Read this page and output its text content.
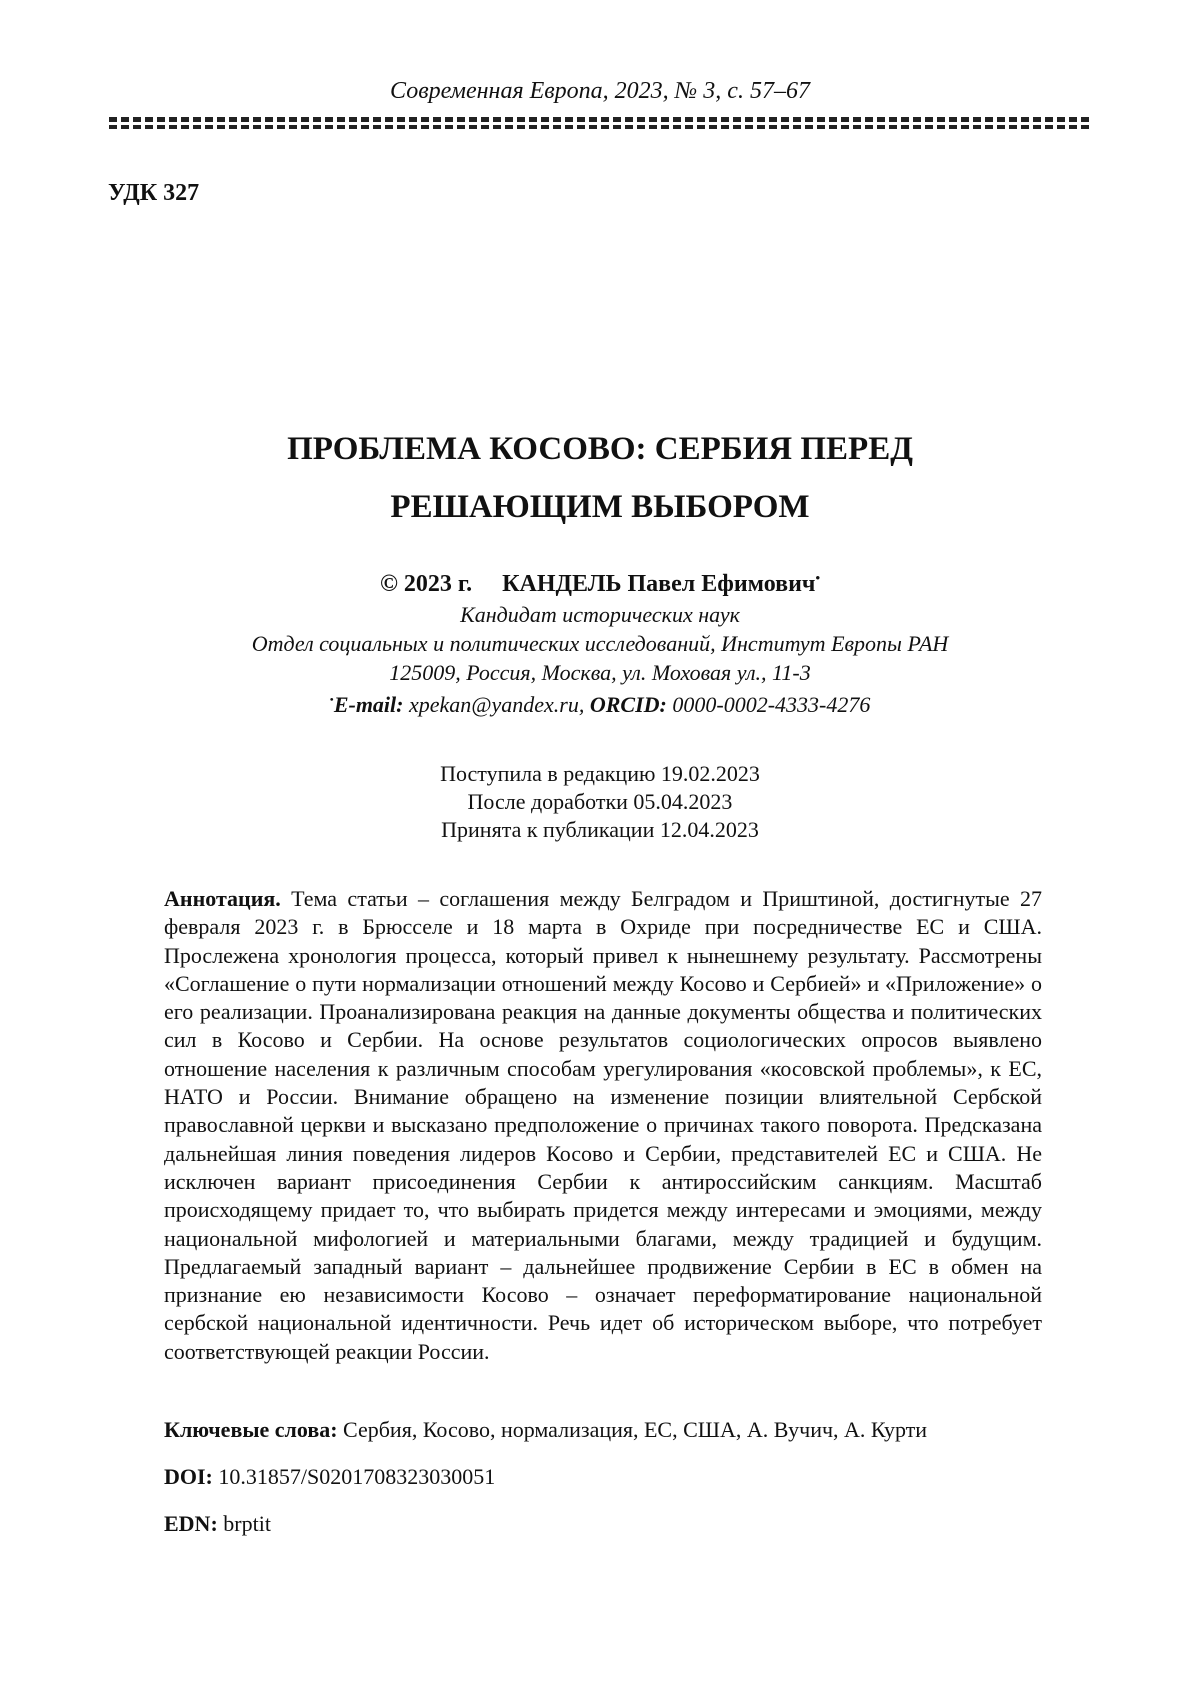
Современная Европа, 2023, № 3, с. 57–67
УДК 327
ПРОБЛЕМА КОСОВО: СЕРБИЯ ПЕРЕД
РЕШАЮЩИМ ВЫБОРОМ
© 2023 г. КАНДЕЛЬ Павел Ефимович•
Кандидат исторических наук
Отдел социальных и политических исследований, Институт Европы РАН
125009, Россия, Москва, ул. Моховая ул., 11-3
•E-mail: xpekan@yandex.ru, ORCID: 0000-0002-4333-4276
Поступила в редакцию 19.02.2023
После доработки 05.04.2023
Принята к публикации 12.04.2023
Аннотация. Тема статьи – соглашения между Белградом и Приштиной, достигнутые 27 февраля 2023 г. в Брюсселе и 18 марта в Охриде при посредничестве ЕС и США. Прослежена хронология процесса, который привел к нынешнему результату. Рассмотрены «Соглашение о пути нормализации отношений между Косово и Сербией» и «Приложение» о его реализации. Проанализирована реакция на данные документы общества и политических сил в Косово и Сербии. На основе результатов социологических опросов выявлено отношение населения к различным способам урегулирования «косовской проблемы», к ЕС, НАТО и России. Внимание обращено на изменение позиции влиятельной Сербской православной церкви и высказано предположение о причинах такого поворота. Предсказана дальнейшая линия поведения лидеров Косово и Сербии, представителей ЕС и США. Не исключен вариант присоединения Сербии к антироссийским санкциям. Масштаб происходящему придает то, что выбирать придется между интересами и эмоциями, между национальной мифологией и материальными благами, между традицией и будущим. Предлагаемый западный вариант – дальнейшее продвижение Сербии в ЕС в обмен на признание ею независимости Косово – означает переформатирование национальной сербской национальной идентичности. Речь идет об историческом выборе, что потребует соответствующей реакции России.
Ключевые слова: Сербия, Косово, нормализация, ЕС, США, А. Вучич, А. Курти
DOI: 10.31857/S0201708323030051
EDN: brptit
